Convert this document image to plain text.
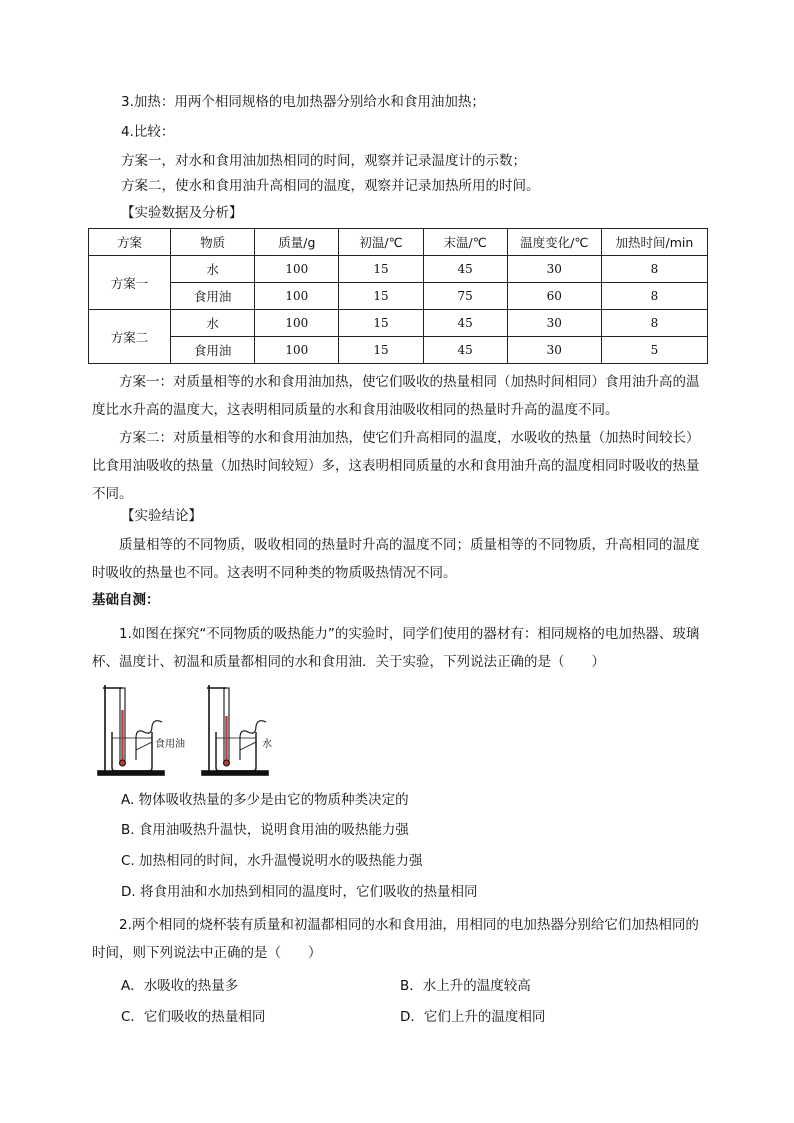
3.加热：用两个相同规格的电加热器分别给水和食用油加热；
4.比较：
方案一，对水和食用油加热相同的时间，观察并记录温度计的示数；
方案二，使水和食用油升高相同的温度，观察并记录加热所用的时间。
【实验数据及分析】
方案	物质	质量/g	初温/℃	末温/℃	温度变化/℃	加热时间/min
方案一	水	100	15	45	30	8
	食用油	100	15	75	60	8
方案二	水	100	15	45	30	8
	食用油	100	15	45	30	5
方案一：对质量相等的水和食用油加热，使它们吸收的热量相同（加热时间相同）食用油升高的温度比水升高的温度大，这表明相同质量的水和食用油吸收相同的热量时升高的温度不同。
方案二：对质量相等的水和食用油加热，使它们升高相同的温度，水吸收的热量（加热时间较长）比食用油吸收的热量（加热时间较短）多，这表明相同质量的水和食用油升高的温度相同时吸收的热量不同。
【实验结论】
质量相等的不同物质，吸收相同的热量时升高的温度不同；质量相等的不同物质，升高相同的温度时吸收的热量也不同。这表明不同种类的物质吸热情况不同。
基础自测：
1.如图在探究“不同物质的吸热能力”的实验时，同学们使用的器材有：相同规格的电加热器、玻璃杯、温度计、初温和质量都相同的水和食用油．关于实验，下列说法正确的是（　　）
食用油	水
A. 物体吸收热量的多少是由它的物质种类决定的
B. 食用油吸热升温快，说明食用油的吸热能力强
C. 加热相同的时间，水升温慢说明水的吸热能力强
D. 将食用油和水加热到相同的温度时，它们吸收的热量相同
2.两个相同的烧杯装有质量和初温都相同的水和食用油，用相同的电加热器分别给它们加热相同的时间，则下列说法中正确的是（　　）
A．水吸收的热量多	B．水上升的温度较高
C．它们吸收的热量相同	D．它们上升的温度相同
